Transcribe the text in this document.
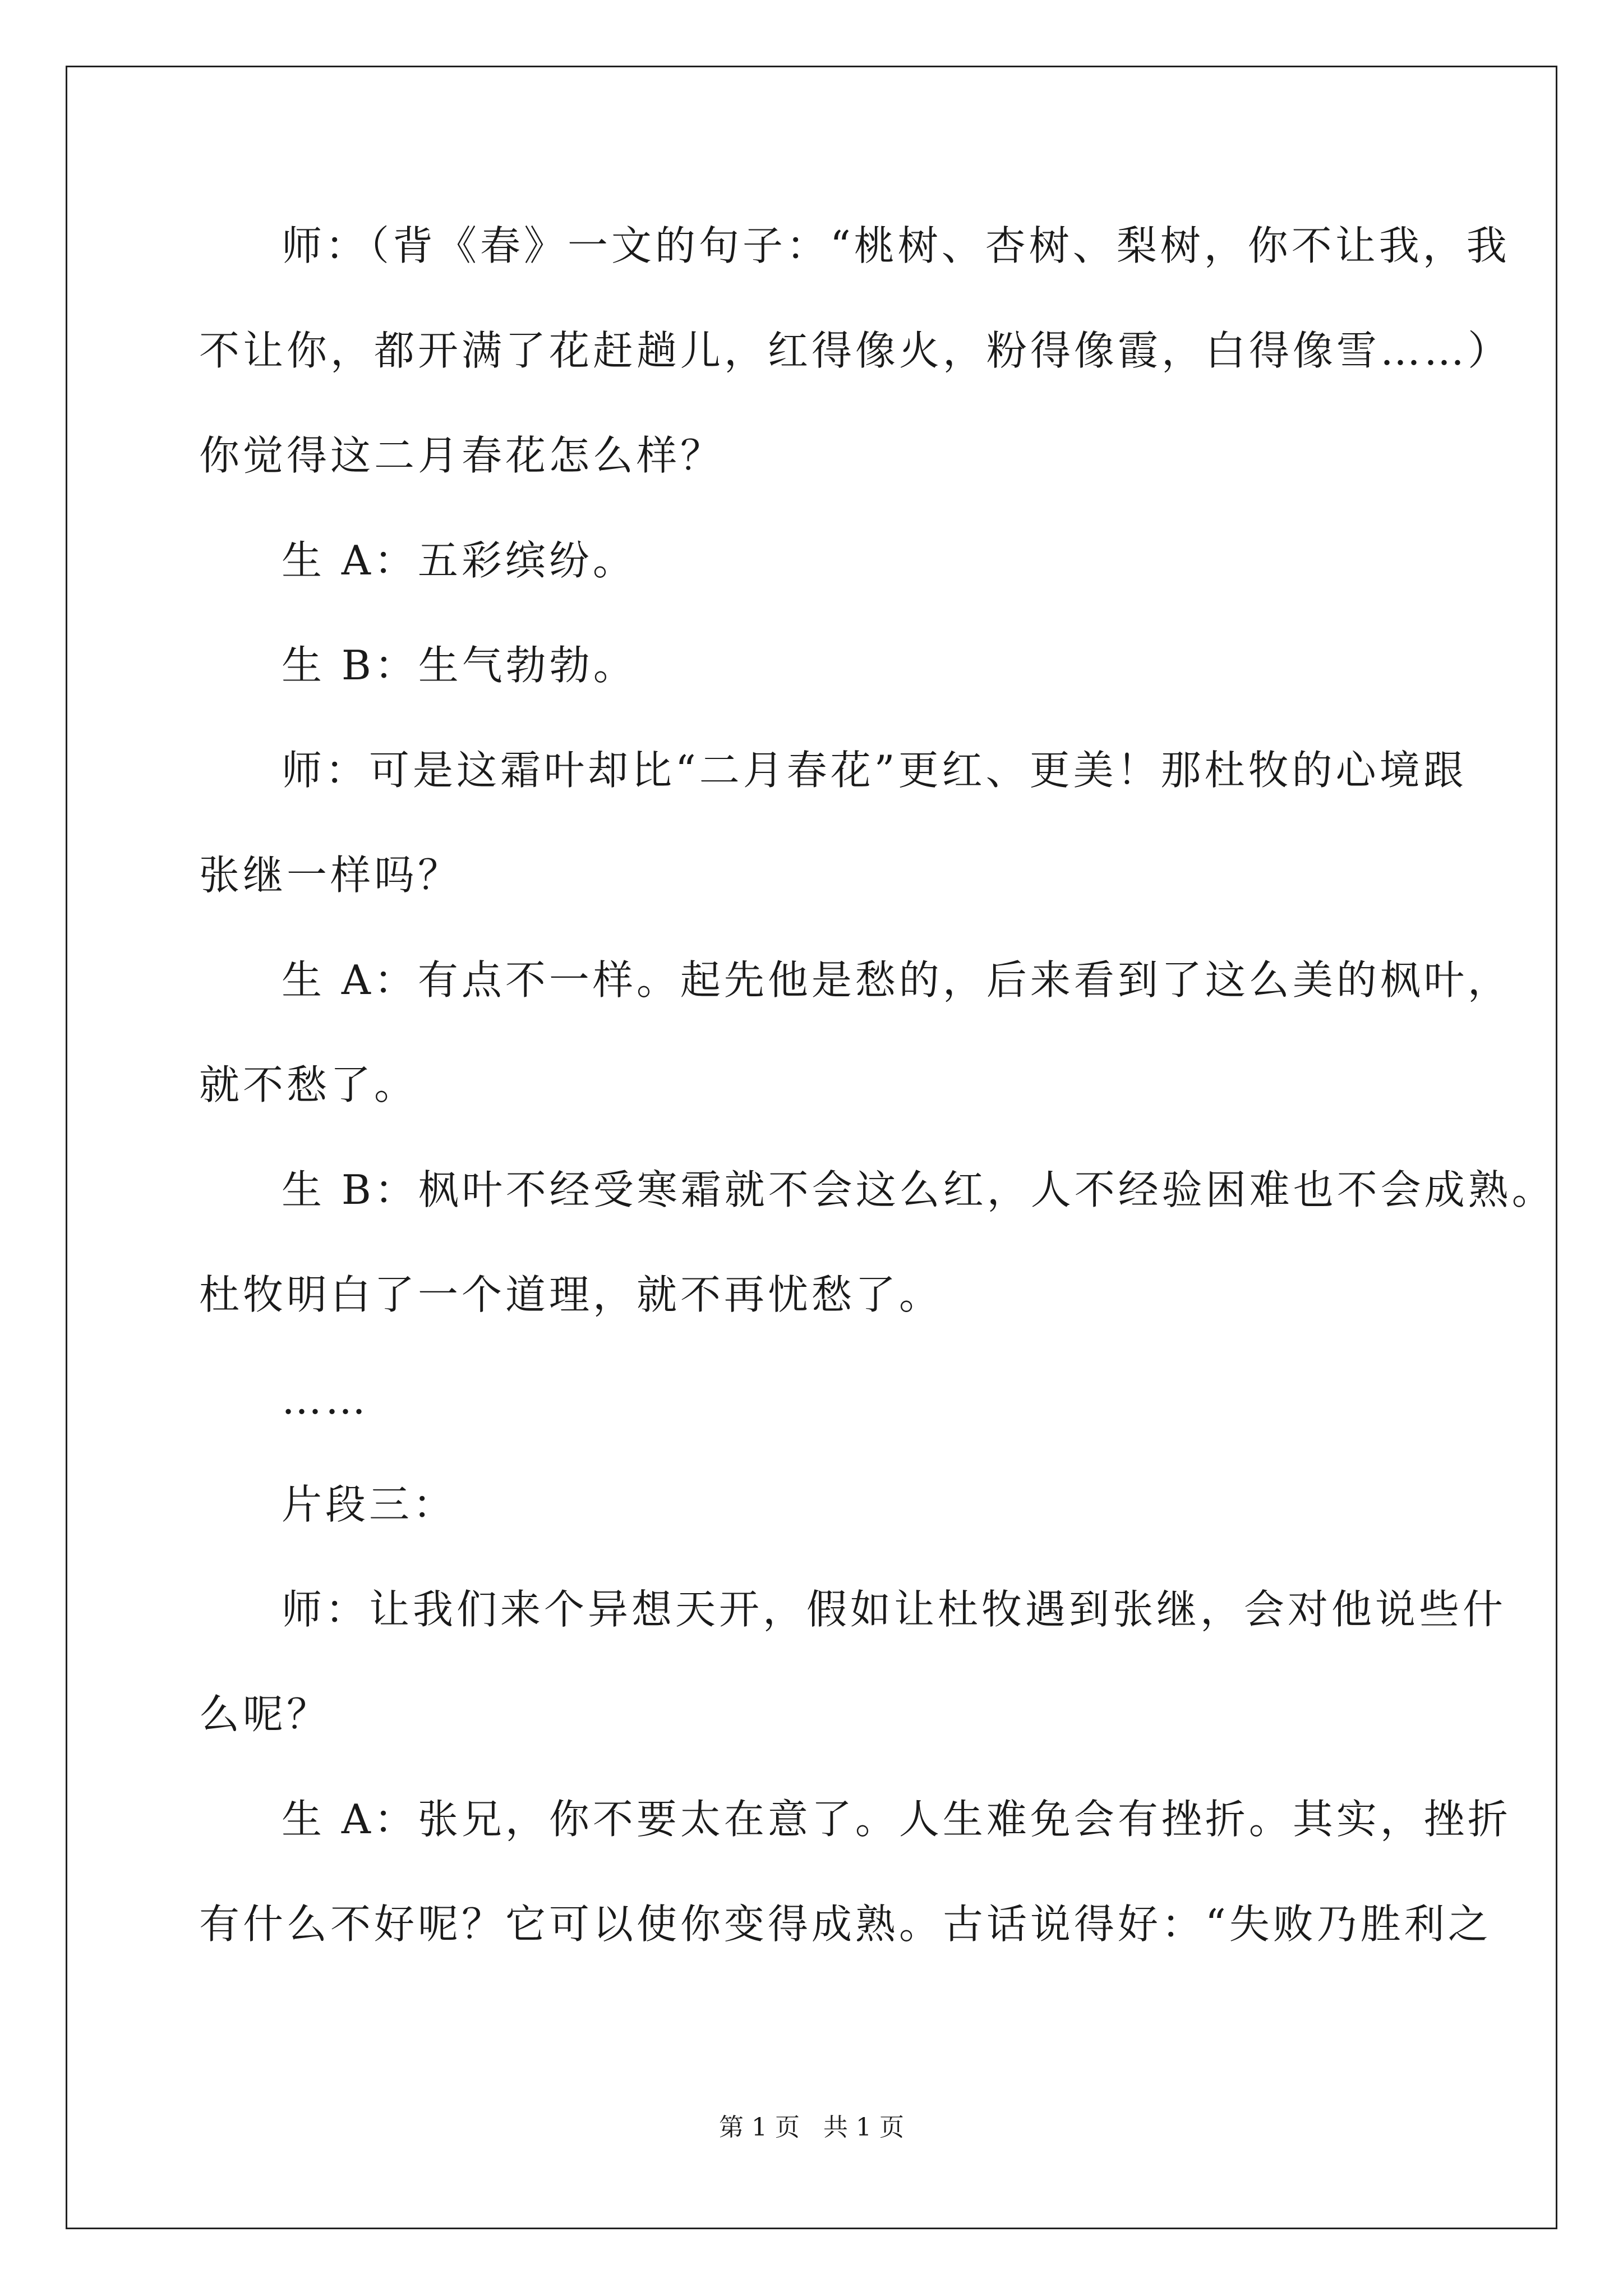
师：（背《春》一文的句子：“桃树、杏树、梨树，你不让我，我
不让你，都开满了花赶趟儿，红得像火，粉得像霞，白得像雪……）
你觉得这二月春花怎么样？
生 A：五彩缤纷。
生 B：生气勃勃。
师：可是这霜叶却比“二月春花”更红、更美！那杜牧的心境跟
张继一样吗？
生 A：有点不一样。起先他是愁的，后来看到了这么美的枫叶，
就不愁了。
生 B：枫叶不经受寒霜就不会这么红，人不经验困难也不会成熟。
杜牧明白了一个道理，就不再忧愁了。
……
片段三：
师：让我们来个异想天开，假如让杜牧遇到张继，会对他说些什
么呢？
生 A：张兄，你不要太在意了。人生难免会有挫折。其实，挫折
有什么不好呢？它可以使你变得成熟。古话说得好：“失败乃胜利之
第 1 页 共 1 页
